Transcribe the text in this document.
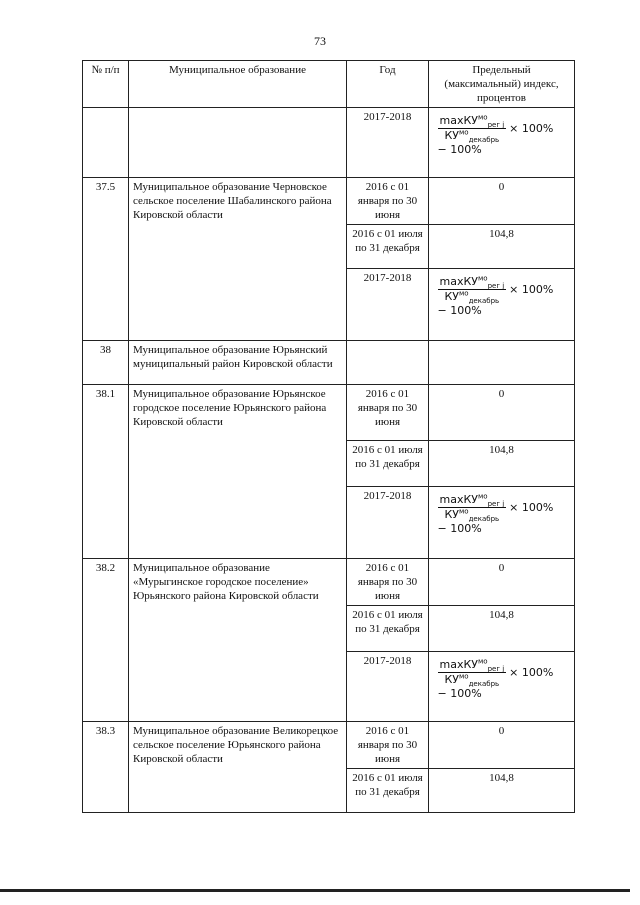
73
№ п/п	Муниципальное образование	Год	Предельный (максимальный) индекс, процентов
		2017-2018	$\frac{\max КУ^{мо}_{рег j}}{КУ^{мо}_{декабрь}} \times 100\%$
− 100%

37.5	Муниципальное образование Черновское сельское поселение Шабалинского района Кировской области	2016 с 01 января по 30 июня	0
		2016 с 01 июля по 31 декабря	104,8
		2017-2018	$\frac{\max КУ^{мо}_{рег j}}{КУ^{мо}_{декабрь}} \times 100\%$
− 100%

38	Муниципальное образование Юрьянский муниципальный район Кировской области		
38.1	Муниципальное образование Юрьянское городское поселение Юрьянского района Кировской области	2016 с 01 января по 30 июня	0
		2016 с 01 июля по 31 декабря	104,8
		2017-2018	$\frac{\max КУ^{мо}_{рег j}}{КУ^{мо}_{декабрь}} \times 100\%$
− 100%

38.2	Муниципальное образование «Мурыгинское городское поселение» Юрьянского района Кировской области	2016 с 01 января по 30 июня	0
		2016 с 01 июля по 31 декабря	104,8
		2017-2018	$\frac{\max КУ^{мо}_{рег j}}{КУ^{мо}_{декабрь}} \times 100\%$
− 100%

38.3	Муниципальное образование Великорецкое сельское поселение Юрьянского района Кировской области	2016 с 01 января по 30 июня	0
		2016 с 01 июля по 31 декабря	104,8
